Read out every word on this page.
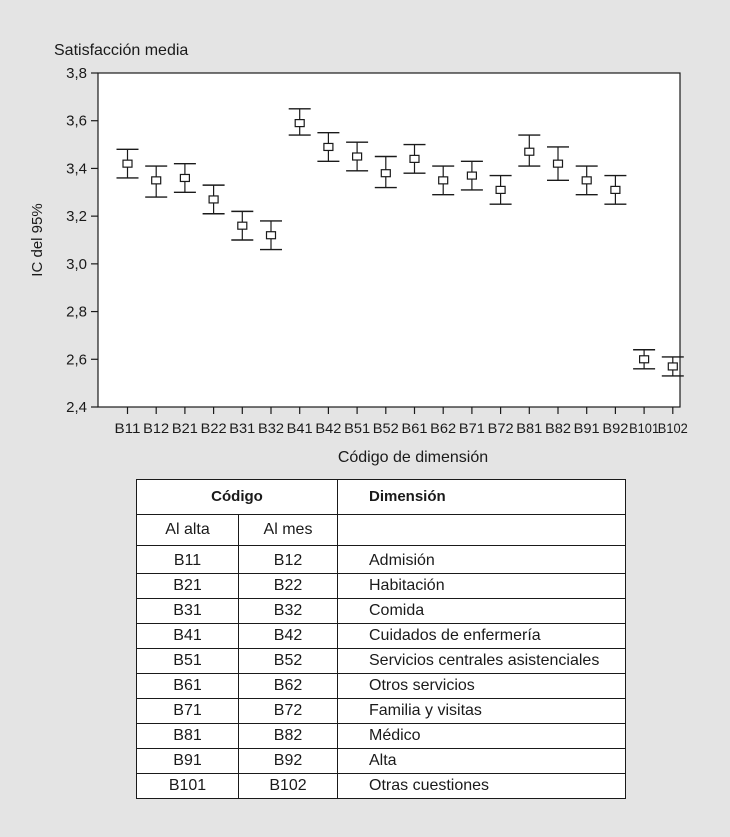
Satisfacción media
IC del 95%
Código de dimensión
2,4
2,6
2,8
3,0
3,2
3,4
3,6
3,8
B11 B12 B21 B22 B31 B32 B41 B42 B51 B52 B61 B62 B71 B72 B81 B82 B91 B92 B101
B102
Código		Dimensión
Al alta	Al mes	
B11	B12	Admisión
B21	B22	Habitación
B31	B32	Comida
B41	B42	Cuidados de enfermería
B51	B52	Servicios centrales asistenciales
B61	B62	Otros servicios
B71	B72	Familia y visitas
B81	B82	Médico
B91	B92	Alta
B101	B102	Otras cuestiones
